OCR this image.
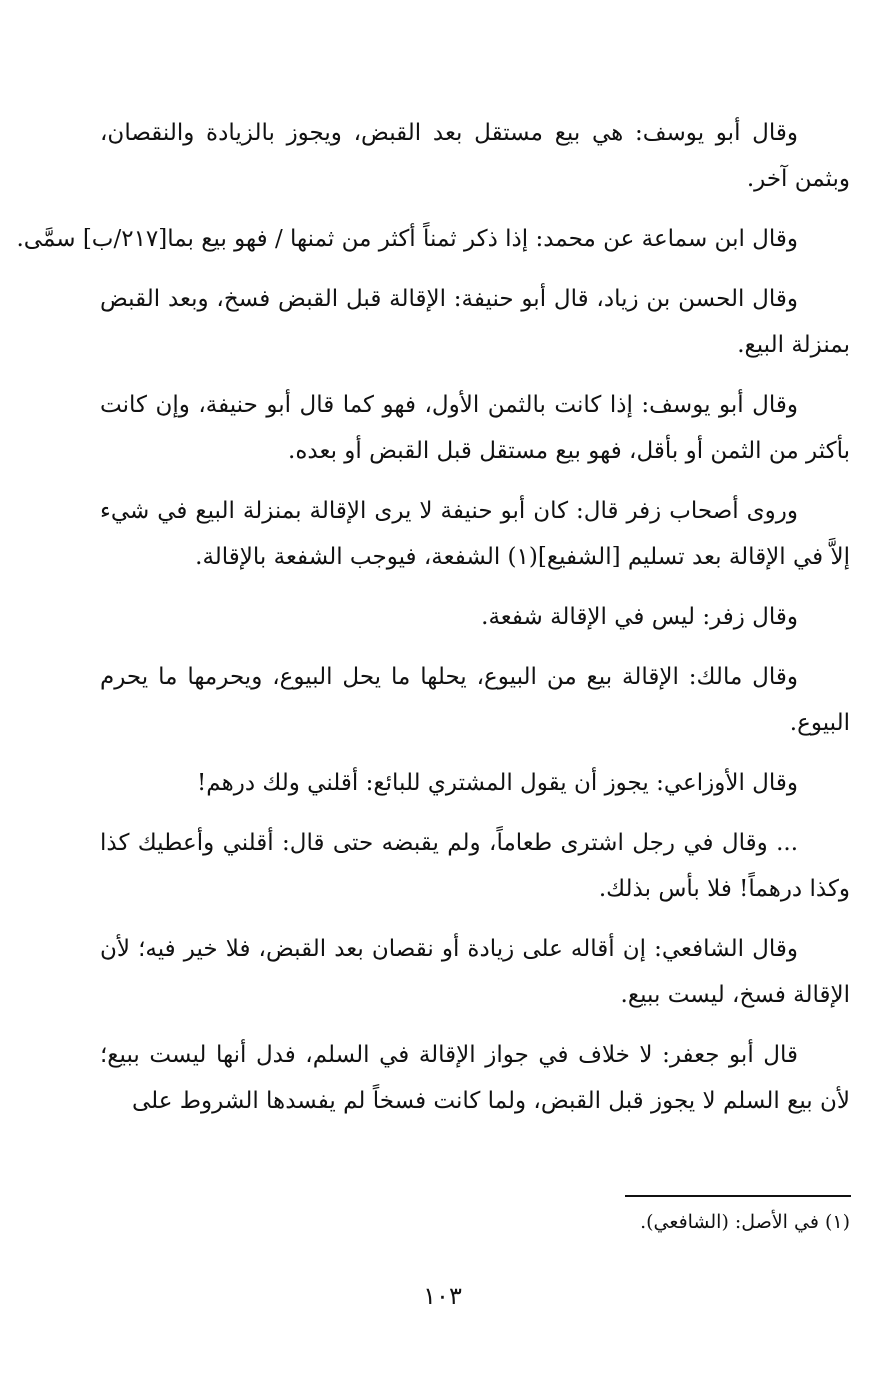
وقال أبو يوسف: هي بيع مستقل بعد القبض، ويجوز بالزيادة والنقصان، وبثمن آخر.

وقال ابن سماعة عن محمد: إذا ذكر ثمناً أكثر من ثمنها / فهو بيع بما[٢١٧/ب] سمَّى.

وقال الحسن بن زياد، قال أبو حنيفة: الإقالة قبل القبض فسخ، وبعد القبض بمنزلة البيع.

وقال أبو يوسف: إذا كانت بالثمن الأول، فهو كما قال أبو حنيفة، وإن كانت بأكثر من الثمن أو بأقل، فهو بيع مستقل قبل القبض أو بعده.

وروى أصحاب زفر قال: كان أبو حنيفة لا يرى الإقالة بمنزلة البيع في شيء إلاَّ في الإقالة بعد تسليم [الشفيع](١) الشفعة، فيوجب الشفعة بالإقالة.

وقال زفر: ليس في الإقالة شفعة.

وقال مالك: الإقالة بيع من البيوع، يحلها ما يحل البيوع، ويحرمها ما يحرم البيوع.

وقال الأوزاعي: يجوز أن يقول المشتري للبائع: أقلني ولك درهم!

... وقال في رجل اشترى طعاماً، ولم يقبضه حتى قال: أقلني وأعطيك كذا وكذا درهماً! فلا بأس بذلك.

وقال الشافعي: إن أقاله على زيادة أو نقصان بعد القبض، فلا خير فيه؛ لأن الإقالة فسخ، ليست ببيع.

قال أبو جعفر: لا خلاف في جواز الإقالة في السلم، فدل أنها ليست ببيع؛ لأن بيع السلم لا يجوز قبل القبض، ولما كانت فسخاً لم يفسدها الشروط على

(١) في الأصل: (الشافعي).

١٠٣
